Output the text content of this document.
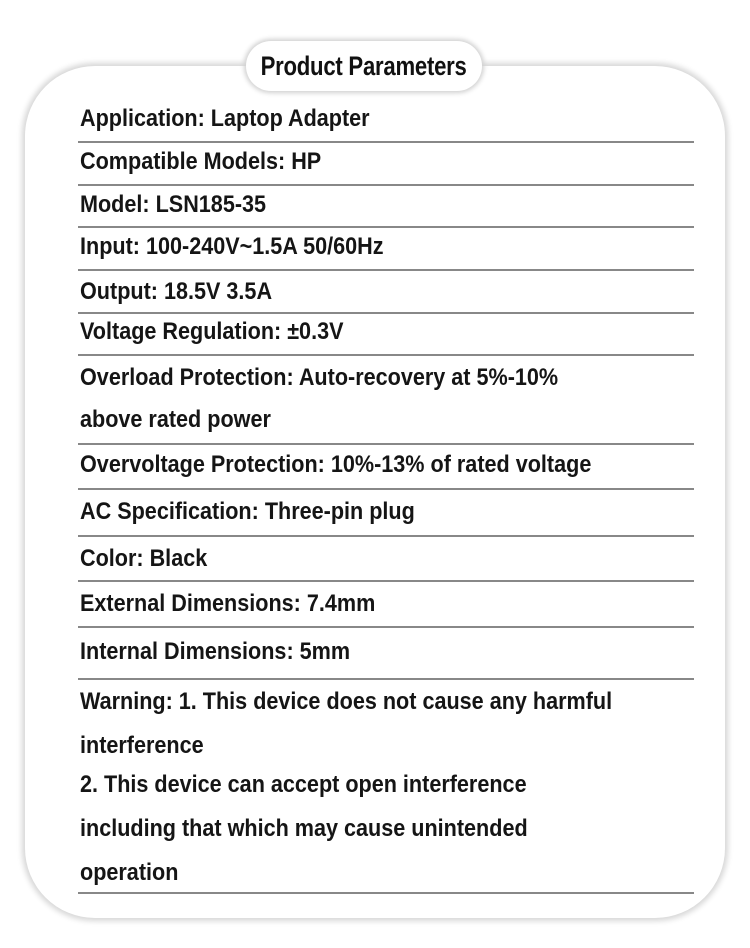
Product Parameters
Application: Laptop Adapter
Compatible Models: HP
Model: LSN185-35
Input: 100-240V~1.5A 50/60Hz
Output: 18.5V 3.5A
Voltage Regulation: ±0.3V
Overload Protection: Auto-recovery at 5%-10%
above rated power
Overvoltage Protection: 10%-13% of rated voltage
AC Specification: Three-pin plug
Color: Black
External Dimensions: 7.4mm
Internal Dimensions: 5mm
Warning: 1. This device does not cause any harmful
interference
2. This device can accept open interference
including that which may cause unintended
operation
